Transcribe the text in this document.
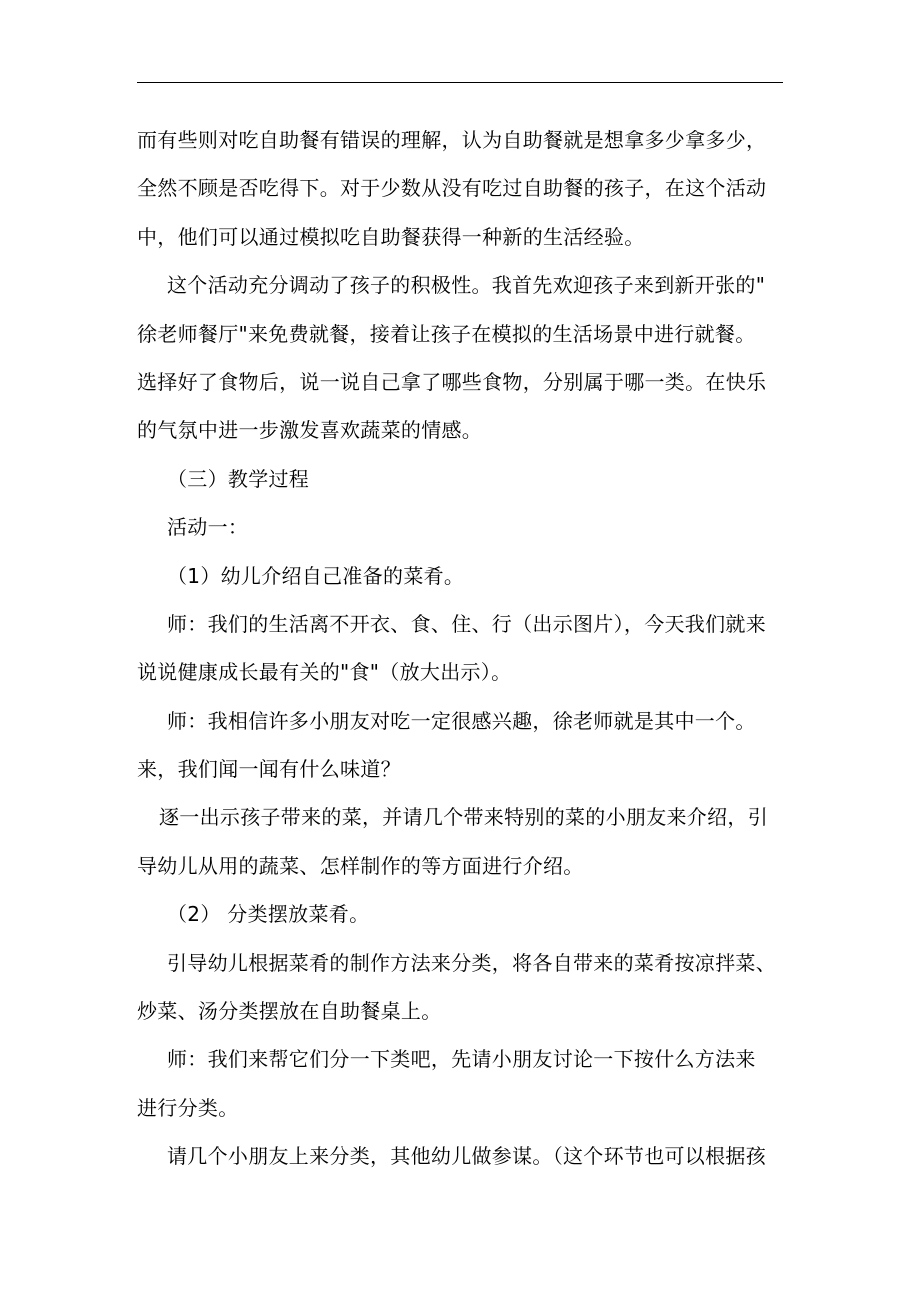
而有些则对吃自助餐有错误的理解，认为自助餐就是想拿多少拿多少，
全然不顾是否吃得下。对于少数从没有吃过自助餐的孩子，在这个活动
中，他们可以通过模拟吃自助餐获得一种新的生活经验。
这个活动充分调动了孩子的积极性。我首先欢迎孩子来到新开张的"
徐老师餐厅"来免费就餐，接着让孩子在模拟的生活场景中进行就餐。
选择好了食物后，说一说自己拿了哪些食物，分别属于哪一类。在快乐
的气氛中进一步激发喜欢蔬菜的情感。
（三）教学过程
活动一：
（1）幼儿介绍自己准备的菜肴。
师：我们的生活离不开衣、食、住、行（出示图片），今天我们就来
说说健康成长最有关的"食"（放大出示）。
师：我相信许多小朋友对吃一定很感兴趣，徐老师就是其中一个。
来，我们闻一闻有什么味道？
逐一出示孩子带来的菜，并请几个带来特别的菜的小朋友来介绍，引
导幼儿从用的蔬菜、怎样制作的等方面进行介绍。
（2） 分类摆放菜肴。
引导幼儿根据菜肴的制作方法来分类，将各自带来的菜肴按凉拌菜、
炒菜、汤分类摆放在自助餐桌上。
师：我们来帮它们分一下类吧，先请小朋友讨论一下按什么方法来
进行分类。
请几个小朋友上来分类，其他幼儿做参谋。（这个环节也可以根据孩
